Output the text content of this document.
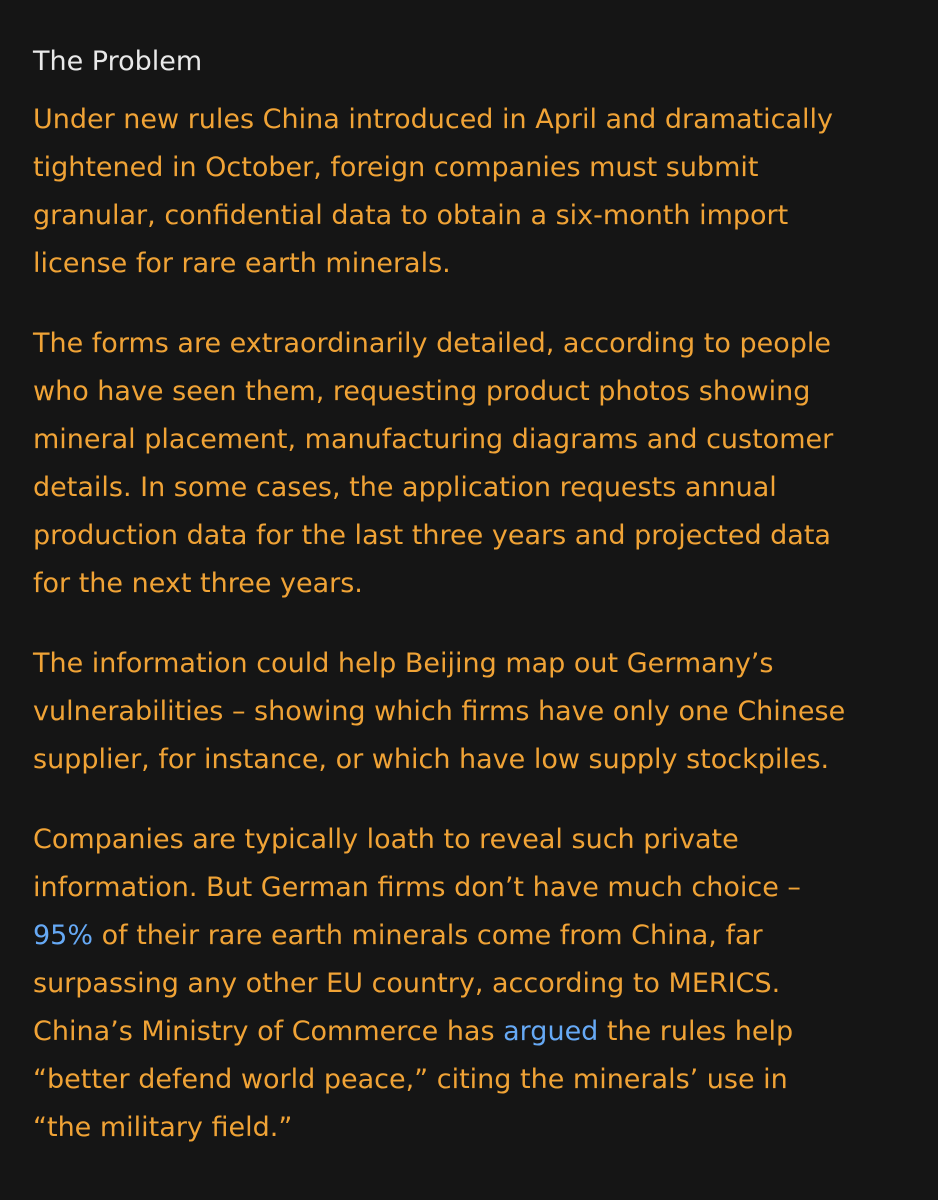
The Problem
Under new rules China introduced in April and dramatically
tightened in October, foreign companies must submit
granular, confidential data to obtain a six-month import
license for rare earth minerals.
The forms are extraordinarily detailed, according to people
who have seen them, requesting product photos showing
mineral placement, manufacturing diagrams and customer
details. In some cases, the application requests annual
production data for the last three years and projected data
for the next three years.
The information could help Beijing map out Germany’s
vulnerabilities – showing which firms have only one Chinese
supplier, for instance, or which have low supply stockpiles.
Companies are typically loath to reveal such private
information. But German firms don’t have much choice –
95% of their rare earth minerals come from China, far
surpassing any other EU country, according to MERICS.
China’s Ministry of Commerce has argued the rules help
“better defend world peace,” citing the minerals’ use in
“the military field.”
